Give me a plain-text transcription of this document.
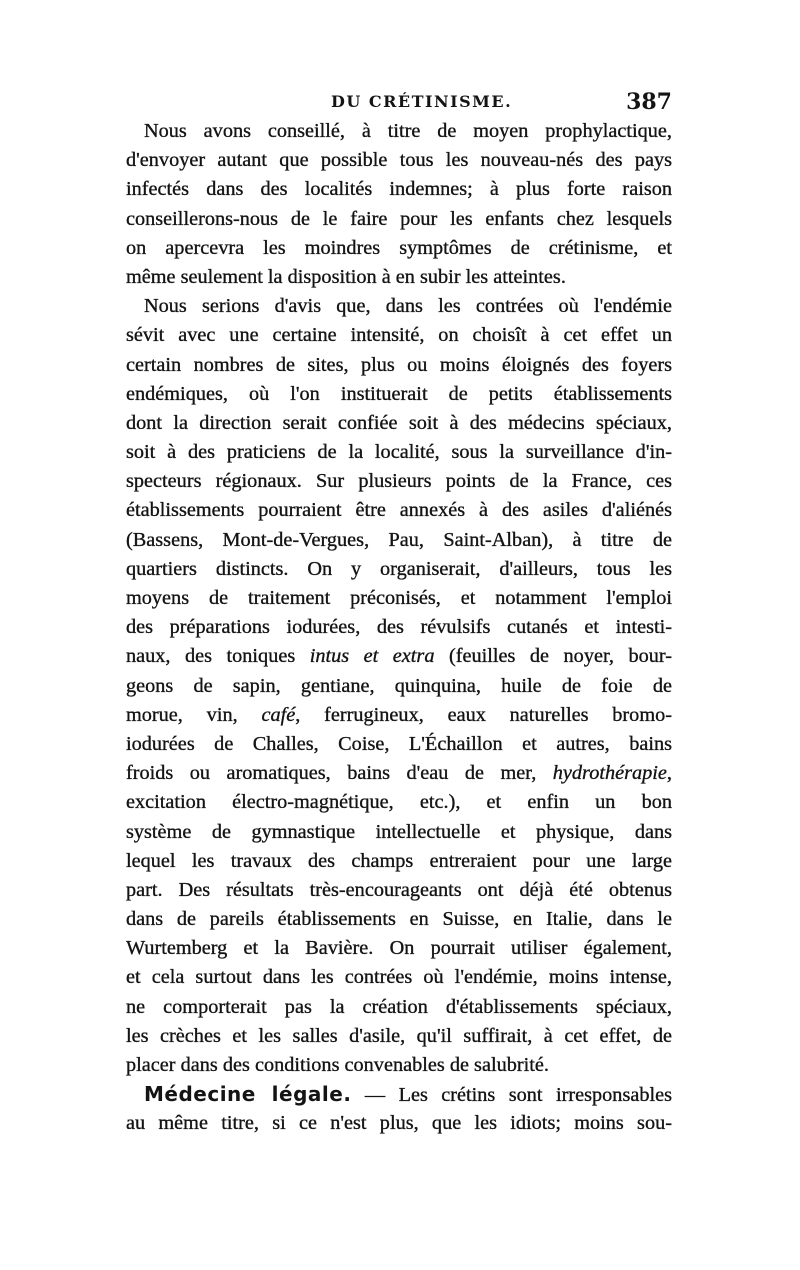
DU CRÉTINISME.	387
Nous avons conseillé, à titre de moyen prophylactique,
d'envoyer autant que possible tous les nouveau-nés des pays
infectés dans des localités indemnes; à plus forte raison
conseillerons-nous de le faire pour les enfants chez lesquels
on apercevra les moindres symptômes de crétinisme, et
même seulement la disposition à en subir les atteintes.
Nous serions d'avis que, dans les contrées où l'endémie
sévit avec une certaine intensité, on choisît à cet effet un
certain nombres de sites, plus ou moins éloignés des foyers
endémiques, où l'on instituerait de petits établissements
dont la direction serait confiée soit à des médecins spéciaux,
soit à des praticiens de la localité, sous la surveillance d'in-
specteurs régionaux. Sur plusieurs points de la France, ces
établissements pourraient être annexés à des asiles d'aliénés
(Bassens, Mont-de-Vergues, Pau, Saint-Alban), à titre de
quartiers distincts. On y organiserait, d'ailleurs, tous les
moyens de traitement préconisés, et notamment l'emploi
des préparations iodurées, des révulsifs cutanés et intesti-
naux, des toniques intus et extra (feuilles de noyer, bour-
geons de sapin, gentiane, quinquina, huile de foie de
morue, vin, café, ferrugineux, eaux naturelles bromo-
iodurées de Challes, Coise, L'Échaillon et autres, bains
froids ou aromatiques, bains d'eau de mer, hydrothérapie,
excitation électro-magnétique, etc.), et enfin un bon
système de gymnastique intellectuelle et physique, dans
lequel les travaux des champs entreraient pour une large
part. Des résultats très-encourageants ont déjà été obtenus
dans de pareils établissements en Suisse, en Italie, dans le
Wurtemberg et la Bavière. On pourrait utiliser également,
et cela surtout dans les contrées où l'endémie, moins intense,
ne comporterait pas la création d'établissements spéciaux,
les crèches et les salles d'asile, qu'il suffirait, à cet effet, de
placer dans des conditions convenables de salubrité.
Médecine légale. — Les crétins sont irresponsables
au même titre, si ce n'est plus, que les idiots; moins sou-
